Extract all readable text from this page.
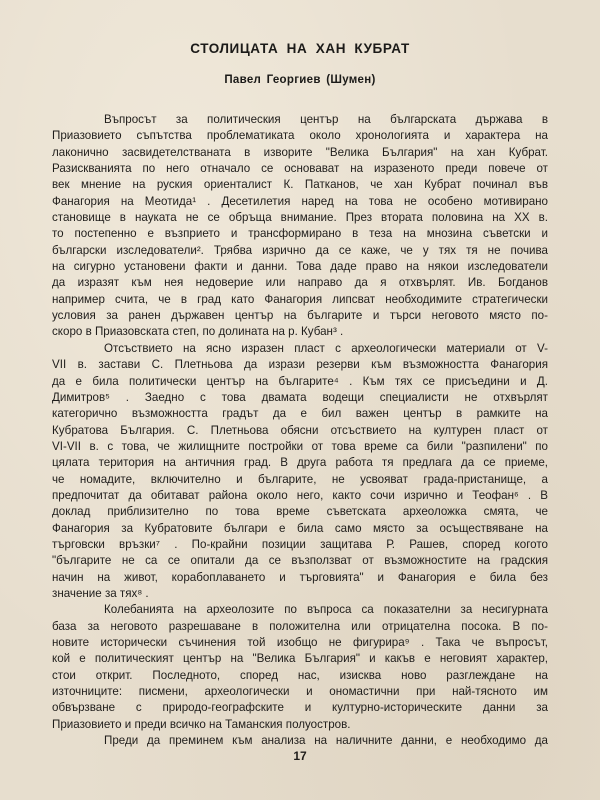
СТОЛИЦАТА НА ХАН КУБРАТ
Павел Георгиев (Шумен)
Въпросът за политическия център на българската държава в
Приазовието съпътства проблематиката около хронологията и характера на
лаконично засвидетелстваната в изворите "Велика България" на хан Кубрат.
Разискванията по него отначало се основават на изразеното преди повече от
век мнение на руския ориенталист К. Патканов, че хан Кубрат починал във
Фанагория на Меотида¹ . Десетилетия наред на това не особено мотивирано
становище в науката не се обръща внимание. През втората половина на XX в.
то постепенно е възприето и трансформирано в теза на мнозина съветски и
български изследователи². Трябва изрично да се каже, че у тях тя не почива
на сигурно установени факти и данни. Това даде право на някои изследователи
да изразят към нея недоверие или направо да я отхвърлят. Ив. Богданов
например счита, че в град като Фанагория липсват необходимите стратегически
условия за ранен държавен център на българите и търси неговото място по-
скоро в Приазовската степ, по долината на р. Кубан³ .
Отсъствието на ясно изразен пласт с археологически материали от V-
VII в. застави С. Плетньова да изрази резерви към възможността Фанагория
да е била политически център на българите⁴ . Към тях се присъедини и Д.
Димитров⁵ . Заедно с това двамата водещи специалисти не отхвърлят
категорично възможността градът да е бил важен център в рамките на
Кубратова България. С. Плетньова обясни отсъствието на културен пласт от
VI-VII в. с това, че жилищните постройки от това време са били "разпилени" по
цялата територия на античния град. В друга работа тя предлага да се приеме,
че номадите, включително и българите, не усвояват града-пристанище, а
предпочитат да обитават района около него, както сочи изрично и Теофан⁶ . В
доклад приблизително по това време съветската археоложка смята, че
Фанагория за Кубратовите българи е била само място за осъществяване на
търговски връзки⁷ . По-крайни позиции защитава Р. Рашев, според когото
"българите не са се опитали да се възползват от възможностите на градския
начин на живот, корабоплаването и търговията" и Фанагория е била без
значение за тях⁸ .
Колебанията на археолозите по въпроса са показателни за несигурната
база за неговото разрешаване в положителна или отрицателна посока. В по-
новите исторически съчинения той изобщо не фигурира⁹ . Така че въпросът,
кой е политическият център на "Велика България" и какъв е неговият характер,
стои открит. Последното, според нас, изисква ново разглеждане на
източниците: писмени, археологически и ономастични при най-тясното им
обвързване с природо-географските и културно-историческите данни за
Приазовието и преди всичко на Таманския полуостров.
Преди да преминем към анализа на наличните данни, е необходимо да
17
